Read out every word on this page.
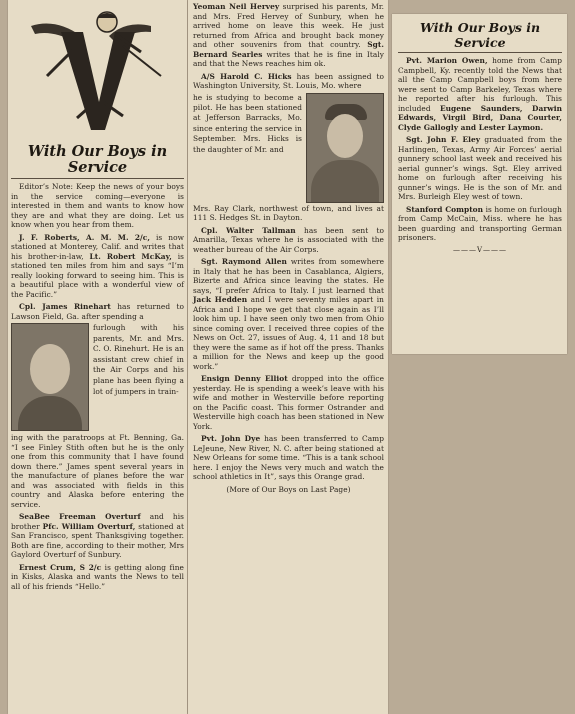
With Our Boys in Service

Editor’s Note: Keep the news of your boys in the service coming—everyone is interested in them and wants to know how they are and what they are doing. Let us know when you hear from them.

J. F. Roberts, A. M. M. 2/c, is now stationed at Monterey, Calif. and writes that his brother-in-law, Lt. Robert McKay, is stationed ten miles from him and says “I’m really looking forward to seeing him. This is a beautiful place with a wonderful view of the Pacific.”

Cpl. James Rinehart has returned to Lawson Field, Ga. after spending a

furlough with his parents, Mr. and Mrs. C. O. Rinehurt. He is an assistant crew chief in the Air Corps and his plane has been flying a lot of jumpers in train-

ing with the paratroops at Ft. Benning, Ga. “I see Finley Stith often but he is the only one from this community that I have found down there.” James spent several years in the manufacture of planes before the war and was associated with fields in this country and Alaska before entering the service.

SeaBee Freeman Overturf and his brother Pfc. William Overturf, stationed at San Francisco, spent Thanksgiving together. Both are fine, according to their mother, Mrs Gaylord Overturf of Sunbury.

Ernest Crum, S 2/c is getting along fine in Kisks, Alaska and wants the News to tell all of his friends “Hello.”

Yeoman Neil Hervey surprised his parents, Mr. and Mrs. Fred Hervey of Sunbury, when he arrived home on leave this week. He just returned from Africa and brought back money and other souvenirs from that country. Sgt. Bernard Searles writes that he is fine in Italy and that the News reaches him ok.

A/S Harold C. Hicks has been assigned to Washington University, St. Louis, Mo. where

he is studying to become a pilot. He has been stationed at Jefferson Barracks, Mo. since entering the service in September. Mrs. Hicks is the daughter of Mr. and

Mrs. Ray Clark, northwest of town, and lives at 111 S. Hedges St. in Dayton.

Cpl. Walter Tallman has been sent to Amarilla, Texas where he is associated with the weather bureau of the Air Corps.

Sgt. Raymond Allen writes from somewhere in Italy that he has been in Casablanca, Algiers, Bizerte and Africa since leaving the states. He says, “I prefer Africa to Italy. I just learned that Jack Hedden and I were seventy miles apart in Africa and I hope we get that close again as I’ll look him up. I have seen only two men from Ohio since coming over. I received three copies of the News on Oct. 27, issues of Aug. 4, 11 and 18 but they were the same as if hot off the press. Thanks a million for the News and keep up the good work.”

Ensign Denny Elliot dropped into the office yesterday. He is spending a week’s leave with his wife and mother in Westerville before reporting on the Pacific coast. This former Ostrander and Westerville high coach has been stationed in New York.

Pvt. John Dye has been transferred to Camp LeJeune, New River, N. C. after being stationed at New Orleans for some time. “This is a tank school here. I enjoy the News very much and watch the school athletics in It”, says this Orange grad.

(More of Our Boys on Last Page)

With Our Boys in Service

Pvt. Marion Owen, home from Camp Campbell, Ky. recently told the News that all the Camp Campbell boys from here were sent to Camp Barkeley, Texas where he reported after his furlough. This included Eugene Saunders, Darwin Edwards, Virgil Bird, Dana Courter, Clyde Gallogly and Lester Laymon.

Sgt. John F. Eley graduated from the Harlingen, Texas, Army Air Forces’ aerial gunnery school last week and received his aerial gunner’s wings. Sgt. Eley arrived home on furlough after receiving his gunner’s wings. He is the son of Mr. and Mrs. Burleigh Eley west of town.

Stanford Compton is home on furlough from Camp McCain, Miss. where he has been guarding and transporting German prisoners.

———V———
